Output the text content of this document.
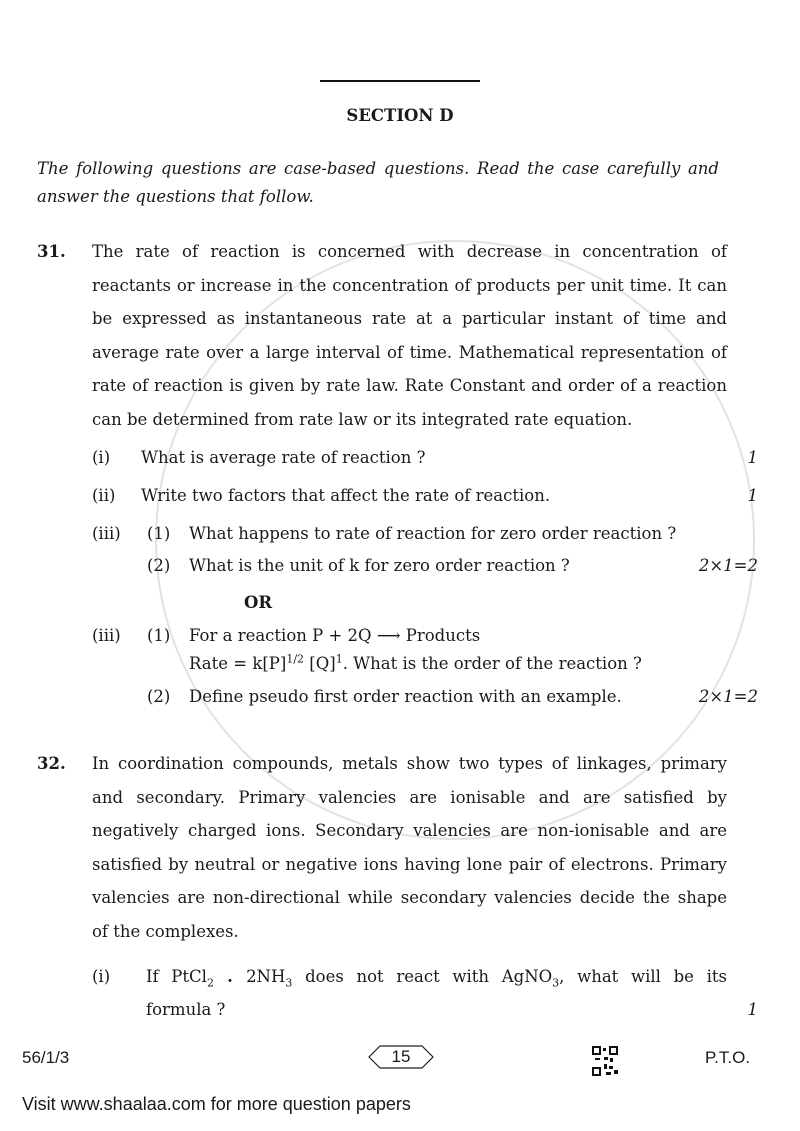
SECTION D
The following questions are case-based questions. Read the case carefully and answer the questions that follow.
31. The rate of reaction is concerned with decrease in concentration of
reactants or increase in the concentration of products per unit time. It can
be expressed as instantaneous rate at a particular instant of time and
average rate over a large interval of time. Mathematical representation of
rate of reaction is given by rate law. Rate Constant and order of a reaction
can be determined from rate law or its integrated rate equation.
(i) What is average rate of reaction ?	1
(ii) Write two factors that affect the rate of reaction.	1
(iii) (1) What happens to rate of reaction for zero order reaction ?
(2) What is the unit of k for zero order reaction ?	2×1=2
OR
(iii) (1) For a reaction P + 2Q ⟶ Products
Rate = $k[P]^{1/2}$ $[Q]^1$. What is the order of the reaction ?
(2) Define pseudo first order reaction with an example.	2×1=2
32. In coordination compounds, metals show two types of linkages, primary
and secondary. Primary valencies are ionisable and are satisfied by
negatively charged ions. Secondary valencies are non-ionisable and are
satisfied by neutral or negative ions having lone pair of electrons. Primary
valencies are non-directional while secondary valencies decide the shape
of the complexes.
(i) If PtCl$_2$ . $2NH_3$ does not react with AgNO$_3$, what will be its
formula ?	1
56/1/3	15	P.T.O.
Visit www.shaalaa.com for more question papers
